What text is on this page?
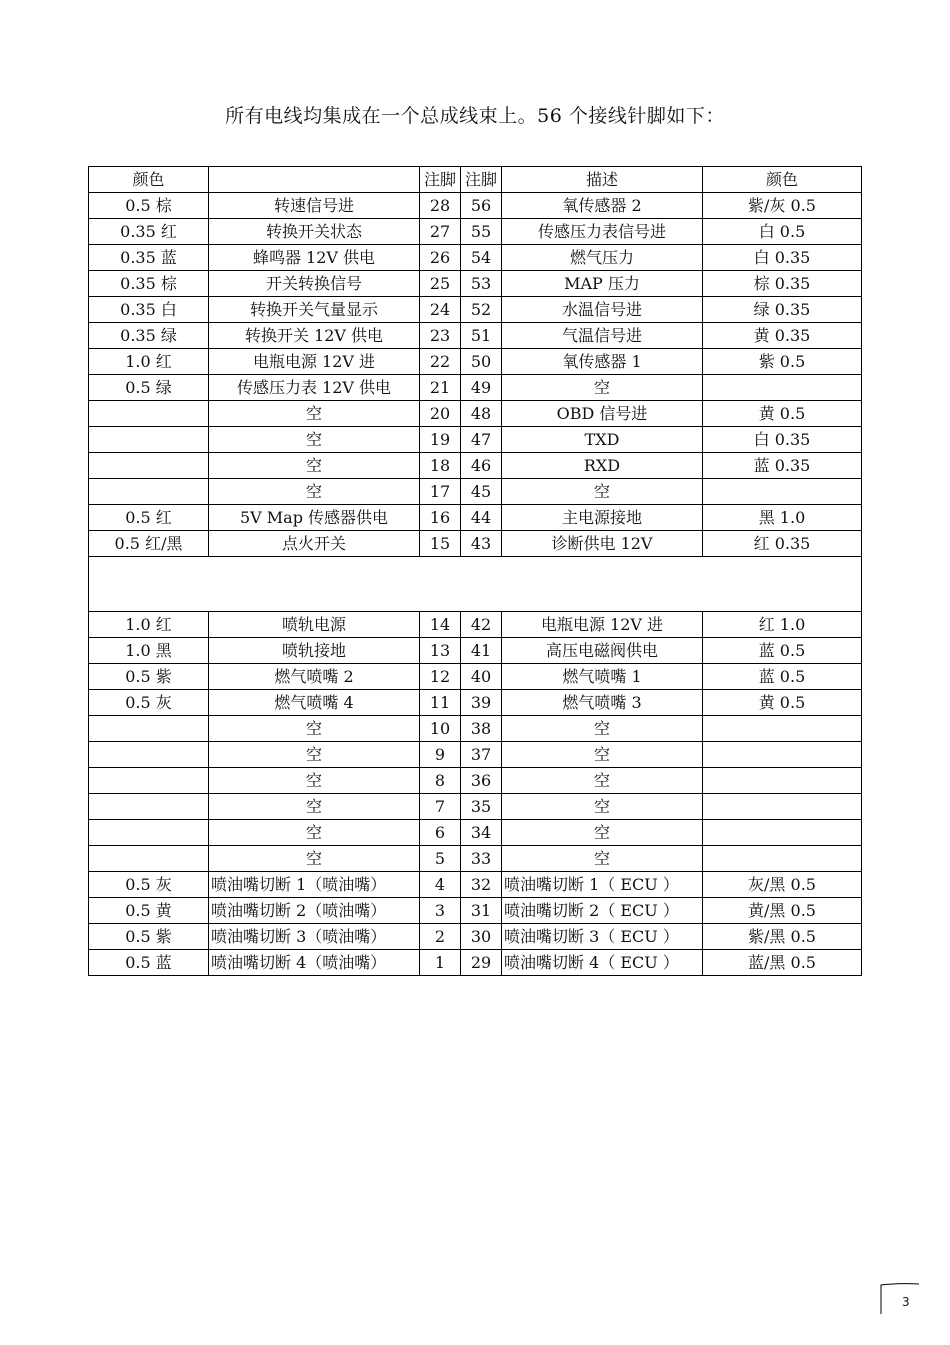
所有电线均集成在一个总成线束上。56 个接线针脚如下：
颜色		注脚	注脚	描述	颜色
0.5 棕	转速信号进	28	56	氧传感器 2	紫/灰 0.5
0.35 红	转换开关状态	27	55	传感压力表信号进	白 0.5
0.35 蓝	蜂鸣器 12V 供电	26	54	燃气压力	白 0.35
0.35 棕	开关转换信号	25	53	MAP 压力	棕 0.35
0.35 白	转换开关气量显示	24	52	水温信号进	绿 0.35
0.35 绿	转换开关 12V 供电	23	51	气温信号进	黄 0.35
1.0 红	电瓶电源 12V 进	22	50	氧传感器 1	紫 0.5
0.5 绿	传感压力表 12V 供电	21	49	空	
	空	20	48	OBD 信号进	黄 0.5
	空	19	47	TXD	白 0.35
	空	18	46	RXD	蓝 0.35
	空	17	45	空	
0.5 红	5V Map 传感器供电	16	44	主电源接地	黑 1.0
0.5 红/黑	点火开关	15	43	诊断供电 12V	红 0.35

1.0 红	喷轨电源	14	42	电瓶电源 12V 进	红 1.0
1.0 黑	喷轨接地	13	41	高压电磁阀供电	蓝 0.5
0.5 紫	燃气喷嘴 2	12	40	燃气喷嘴 1	蓝 0.5
0.5 灰	燃气喷嘴 4	11	39	燃气喷嘴 3	黄 0.5
	空	10	38	空	
	空	9	37	空	
	空	8	36	空	
	空	7	35	空	
	空	6	34	空	
	空	5	33	空	
0.5 灰	喷油嘴切断 1（喷油嘴）	4	32	喷油嘴切断 1（ ECU ）	灰/黑 0.5
0.5 黄	喷油嘴切断 2（喷油嘴）	3	31	喷油嘴切断 2（ ECU ）	黄/黑 0.5
0.5 紫	喷油嘴切断 3（喷油嘴）	2	30	喷油嘴切断 3（ ECU ）	紫/黑 0.5
0.5 蓝	喷油嘴切断 4（喷油嘴）	1	29	喷油嘴切断 4（ ECU ）	蓝/黑 0.5
3
